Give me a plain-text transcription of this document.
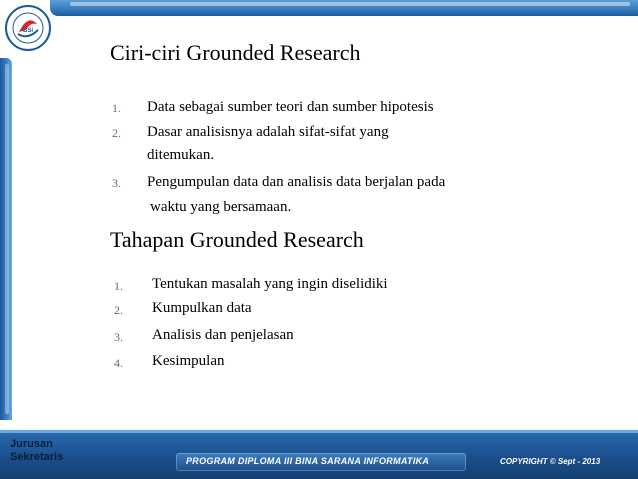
BSI
Ciri-ciri Grounded Research
1. Data sebagai sumber teori dan sumber hipotesis
2. Dasar analisisnya adalah sifat-sifat yang
ditemukan.
3. Pengumpulan data dan analisis data berjalan pada
waktu yang bersamaan.
Tahapan Grounded Research
1. Tentukan masalah yang ingin diselidiki
2. Kumpulkan data
3. Analisis dan penjelasan
4. Kesimpulan
Jurusan
Sekretaris	PROGRAM DIPLOMA III BINA SARANA INFORMATIKA	COPYRIGHT © Sept - 2013
